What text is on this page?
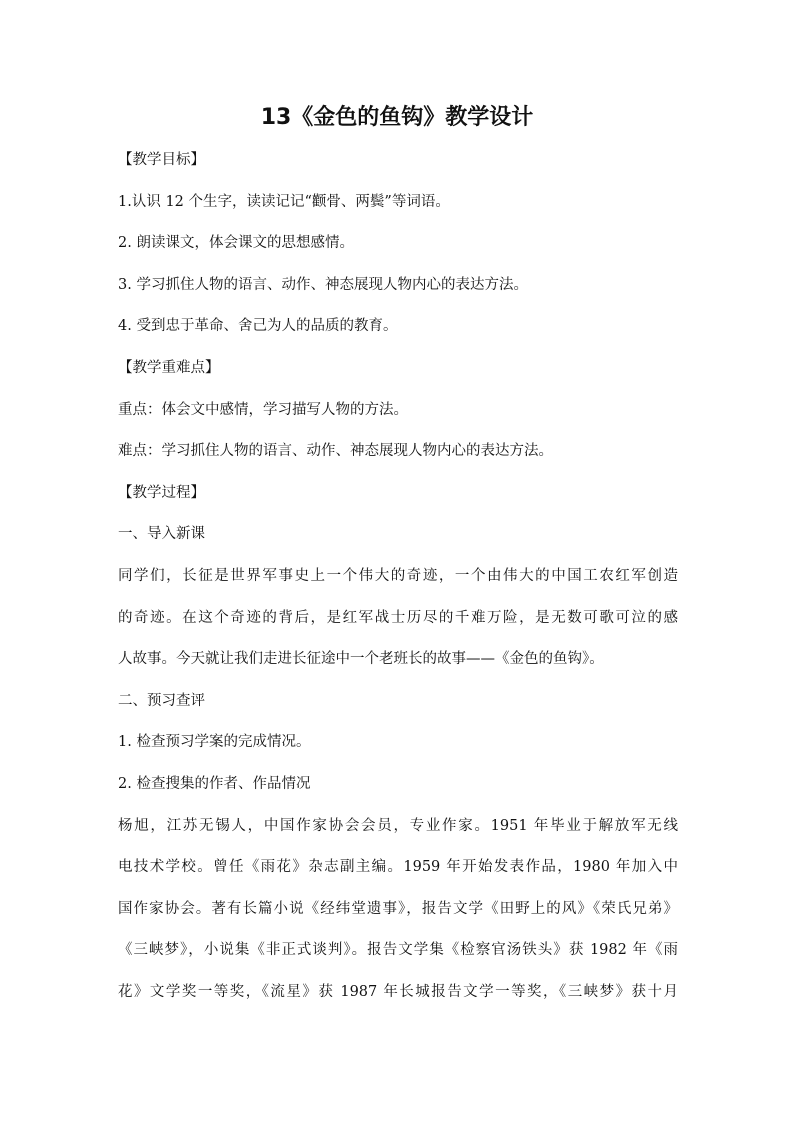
13《金色的鱼钩》教学设计

【教学目标】

1.认识 12 个生字，读读记记“颧骨、两鬓”等词语。

2. 朗读课文，体会课文的思想感情。

3. 学习抓住人物的语言、动作、神态展现人物内心的表达方法。

4. 受到忠于革命、舍己为人的品质的教育。

【教学重难点】

重点：体会文中感情，学习描写人物的方法。

难点：学习抓住人物的语言、动作、神态展现人物内心的表达方法。

【教学过程】

一、导入新课

同学们，长征是世界军事史上一个伟大的奇迹，一个由伟大的中国工农红军创造

的奇迹。在这个奇迹的背后，是红军战士历尽的千难万险，是无数可歌可泣的感

人故事。今天就让我们走进长征途中一个老班长的故事——《金色的鱼钩》。

二、预习查评

1. 检查预习学案的完成情况。

2. 检查搜集的作者、作品情况

杨旭，江苏无锡人，中国作家协会会员，专业作家。1951 年毕业于解放军无线

电技术学校。曾任《雨花》杂志副主编。1959 年开始发表作品，1980 年加入中

国作家协会。著有长篇小说《经纬堂遗事》，报告文学《田野上的风》《荣氏兄弟》

《三峡梦》，小说集《非正式谈判》。报告文学集《检察官汤铁头》获 1982 年《雨

花》文学奖一等奖，《流星》获 1987 年长城报告文学一等奖，《三峡梦》获十月
